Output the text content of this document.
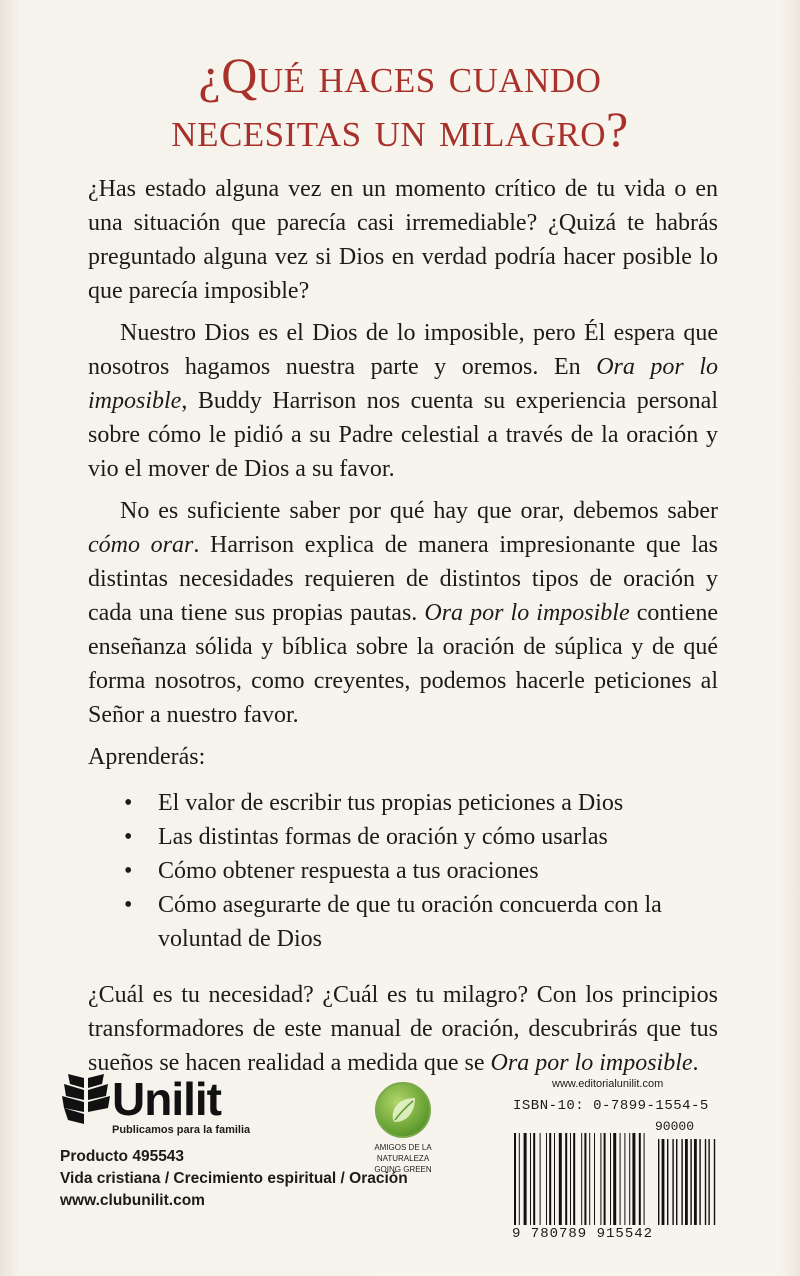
¿Qué haces cuando
necesitas un milagro?

¿Has estado alguna vez en un momento crítico de tu vida o en una situación que parecía casi irremediable? ¿Quizá te habrás preguntado alguna vez si Dios en verdad podría hacer posible lo que parecía imposible?

Nuestro Dios es el Dios de lo imposible, pero Él espera que nosotros hagamos nuestra parte y oremos. En Ora por lo imposible, Buddy Harrison nos cuenta su experiencia personal sobre cómo le pidió a su Padre celestial a través de la oración y vio el mover de Dios a su favor.

No es suficiente saber por qué hay que orar, debemos saber cómo orar. Harrison explica de manera impresionante que las distintas necesidades requieren de distintos tipos de oración y cada una tiene sus propias pautas. Ora por lo imposible contiene enseñanza sólida y bíblica sobre la oración de súplica y de qué forma nosotros, como creyentes, podemos hacerle peticiones al Señor a nuestro favor.

Aprenderás:

• El valor de escribir tus propias peticiones a Dios
• Las distintas formas de oración y cómo usarlas
• Cómo obtener respuesta a tus oraciones
• Cómo asegurarte de que tu oración concuerda con la voluntad de Dios

¿Cuál es tu necesidad? ¿Cuál es tu milagro? Con los principios transformadores de este manual de oración, descubrirás que tus sueños se hacen realidad a medida que se Ora por lo imposible.

Unilit
Publicamos para la familia
Producto 495543
Vida cristiana / Crecimiento espiritual / Oración
www.clubunilit.com
AMIGOS DE LA NATURALEZA
GOING GREEN
www.editorialunilit.com
ISBN-10: 0-7899-1554-5
90000
9 780789 915542
